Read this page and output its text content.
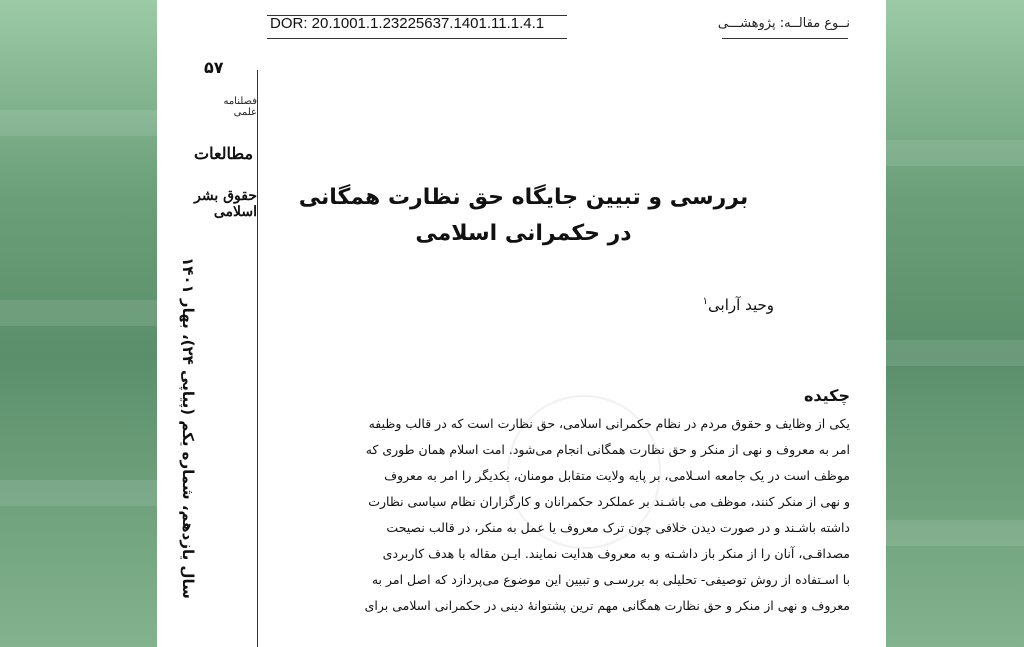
DOR: 20.1001.1.23225637.1401.11.1.4.1	نــوع مقالــه: پژوهشـــی
۵۷
فصلنامه علمی
مطالعات
حقوق بشر اسلامی
سال یازدهم، شماره یکم (پیاپی ۲۴)، بهار ۱۴۰۱
بررسی و تبیین جایگاه حق نظارت همگانی
در حکمرانی اسلامی
وحید آرابی$^۱$
چکیده
یکی از وظایف و حقوق مردم در نظام حکمرانی اسلامی، حق نظارت است که در قالب وظیفه
امر به معروف و نهی از منکر و حق نظارت همگانی انجام می‌شود. امت اسلام همان طوری که
موظف است در یک جامعه اسـلامی، بر پایه ولایت متقابل مومنان، یکدیگر را امر به معروف
و نهی از منکر کنند، موظف می باشـند بر عملکرد حکمرانان و کارگزاران نظام سیاسی نظارت
داشته باشـند و در صورت دیدن خلافی چون ترک معروف یا عمل به منکر، در قالب نصیحت
مصداقـی، آنان را از منکر باز داشـته و به معروف هدایت نمایند. ایـن مقاله با هدف کاربردی
با اسـتفاده از روش توصیفی- تحلیلی به بررسـی و تبیین این موضوع می‌پردازد که اصل امر به
معروف و نهی از منکر و حق نظارت همگانی مهم ترین پشتوانۀ دینی در حکمرانی اسلامی برای
